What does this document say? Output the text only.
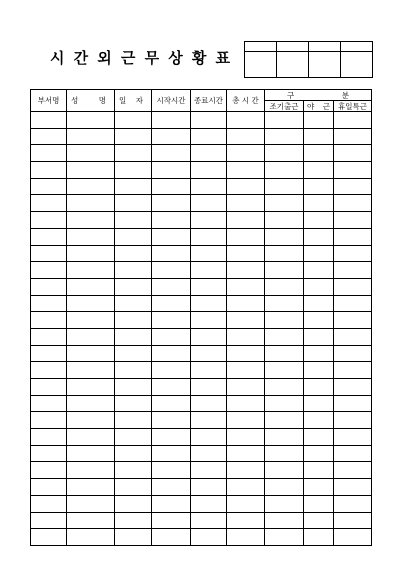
시 간 외 근 무 상 황 표

부서명	성 명	일 자	시작시간	종료시간	총 시 간	구 분		

						조기출근	야 근	휴일특근
